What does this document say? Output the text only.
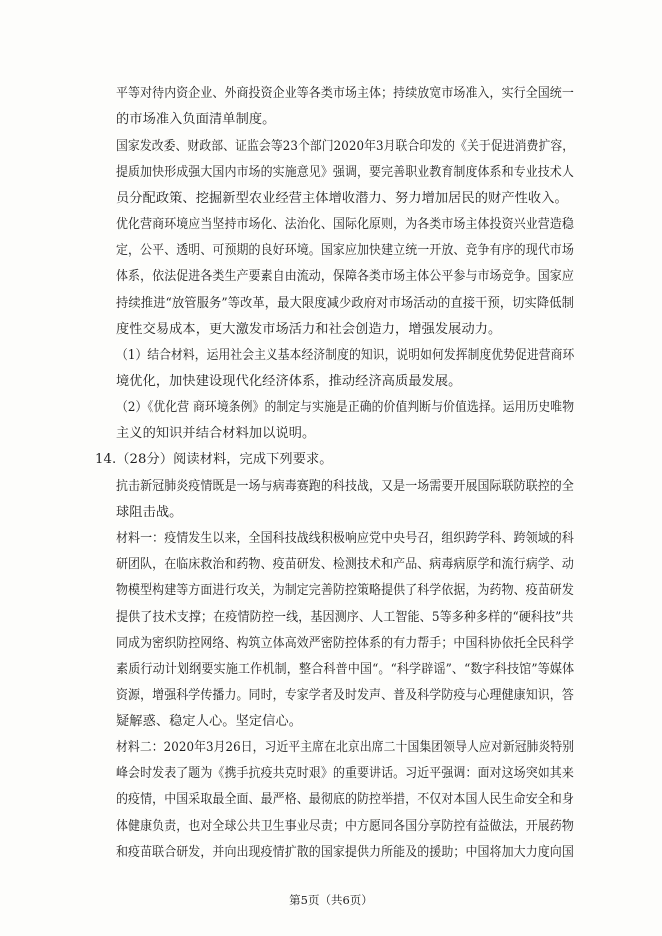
平等对待内资企业、外商投资企业等各类市场主体；持续放宽市场准入，实行全国统一
的市场准入负面清单制度。
国家发改委、财政部、证监会等23个部门2020年3月联合印发的《关于促进消费扩容，
提质加快形成强大国内市场的实施意见》强调，要完善职业教育制度体系和专业技术人
员分配政策、挖掘新型农业经营主体增收潜力、努力增加居民的财产性收入。
优化营商环境应当坚持市场化、法治化、国际化原则，为各类市场主体投资兴业营造稳
定，公平、透明、可预期的良好环境。国家应加快建立统一开放、竞争有序的现代市场
体系，依法促进各类生产要素自由流动，保障各类市场主体公平参与市场竞争。国家应
持续推进“放管服务”等改革，最大限度减少政府对市场活动的直接干预，切实降低制
度性交易成本，更大激发市场活力和社会创造力，增强发展动力。
（1）结合材料，运用社会主义基本经济制度的知识，说明如何发挥制度优势促进营商环
境优化，加快建设现代化经济体系，推动经济高质最发展。
（2）《优化营 商环境条例》的制定与实施是正确的价值判断与价值选择。运用历史唯物
主义的知识并结合材料加以说明。
14.（28分）阅读材料，完成下列要求。
抗击新冠肺炎疫情既是一场与病毒赛跑的科技战，又是一场需要开展国际联防联控的全
球阻击战。
材料一：疫情发生以来，全国科技战线积极响应党中央号召，组织跨学科、跨领域的科
研团队，在临床救治和药物、疫苗研发、检测技术和产品、病毒病原学和流行病学、动
物模型构建等方面进行攻关，为制定完善防控策略提供了科学依据，为药物、疫苗研发
提供了技术支撑；在疫情防控一线，基因测序、人工智能、5等多种多样的“硬科技”共
同成为密织防控网络、构筑立体高效严密防控体系的有力帮手；中国科协依托全民科学
素质行动计划纲要实施工作机制，整合科普中国“。“科学辟谣”、“数字科技馆”等媒体
资源，增强科学传播力。同时，专家学者及时发声、普及科学防疫与心理健康知识，答
疑解惑、稳定人心。坚定信心。
材料二：2020年3月26日，习近平主席在北京出席二十国集团领导人应对新冠肺炎特别
峰会时发表了题为《携手抗疫共克时艰》的重要讲话。习近平强调：面对这场突如其来
的疫情，中国采取最全面、最严格、最彻底的防控举措，不仅对本国人民生命安全和身
体健康负责，也对全球公共卫生事业尽责；中方愿同各国分享防控有益做法，开展药物
和疫苗联合研发，并向出现疫情扩散的国家提供力所能及的援助；中国将加大力度向国
第5页（共6页）
